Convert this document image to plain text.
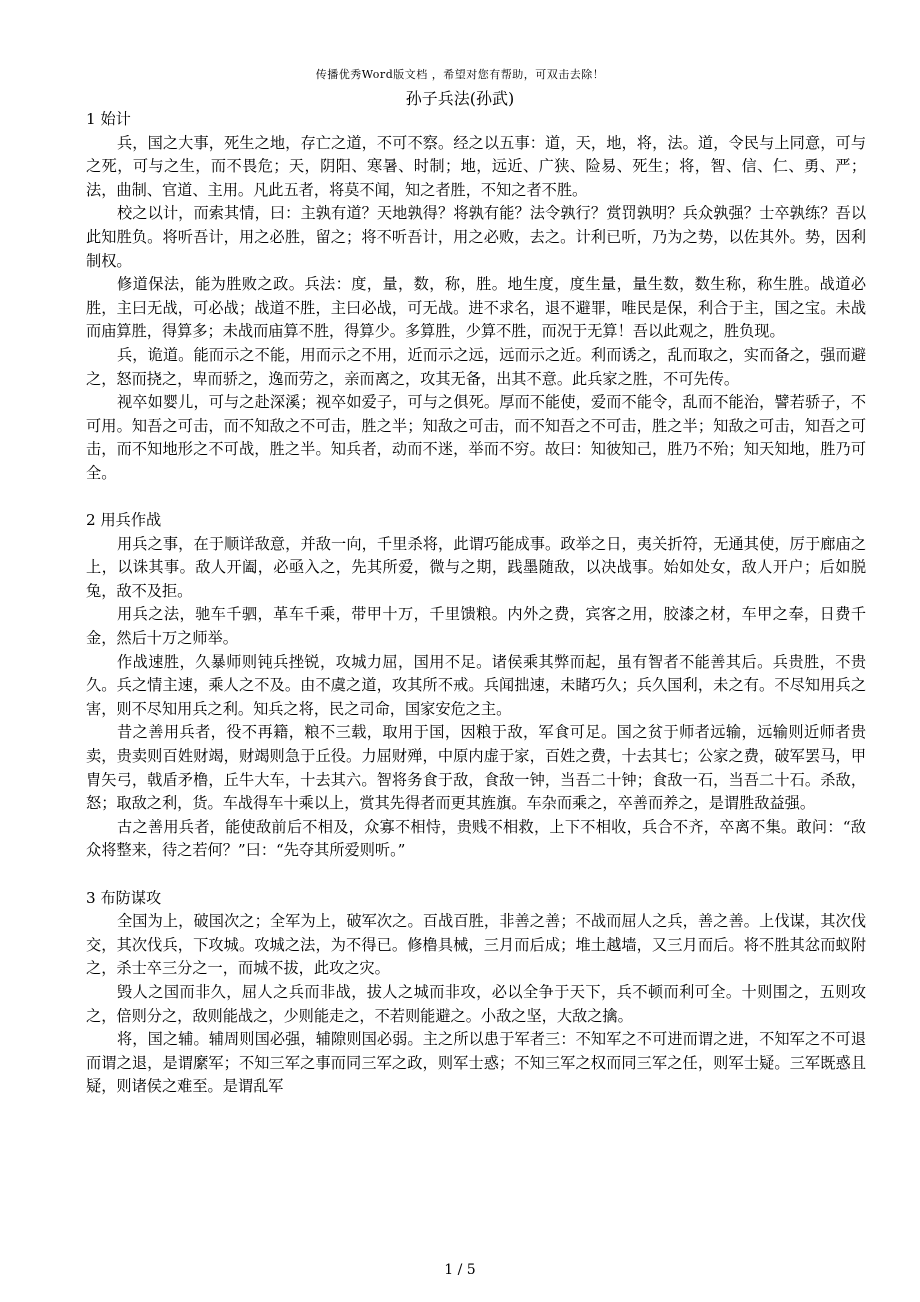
传播优秀Word版文档 ，希望对您有帮助，可双击去除！
孙子兵法(孙武)

1 始计

兵，国之大事，死生之地，存亡之道，不可不察。经之以五事：道，天，地，将，法。道，令民与上同意，可与之死，可与之生，而不畏危；天，阴阳、寒暑、时制；地，远近、广狭、险易、死生；将，智、信、仁、勇、严；法，曲制、官道、主用。凡此五者，将莫不闻，知之者胜，不知之者不胜。

校之以计，而索其情，曰：主孰有道？天地孰得？将孰有能？法令孰行？赏罚孰明？兵众孰强？士卒孰练？吾以此知胜负。将听吾计，用之必胜，留之；将不听吾计，用之必败，去之。计利已听，乃为之势，以佐其外。势，因利制权。

修道保法，能为胜败之政。兵法：度，量，数，称，胜。地生度，度生量，量生数，数生称，称生胜。战道必胜，主曰无战，可必战；战道不胜，主曰必战，可无战。进不求名，退不避罪，唯民是保，利合于主，国之宝。未战而庙算胜，得算多；未战而庙算不胜，得算少。多算胜，少算不胜，而况于无算！吾以此观之，胜负现。

兵，诡道。能而示之不能，用而示之不用，近而示之远，远而示之近。利而诱之，乱而取之，实而备之，强而避之，怒而挠之，卑而骄之，逸而劳之，亲而离之，攻其无备，出其不意。此兵家之胜，不可先传。

视卒如婴儿，可与之赴深溪；视卒如爱子，可与之俱死。厚而不能使，爱而不能令，乱而不能治，譬若骄子，不可用。知吾之可击，而不知敌之不可击，胜之半；知敌之可击，而不知吾之不可击，胜之半；知敌之可击，知吾之可击，而不知地形之不可战，胜之半。知兵者，动而不迷，举而不穷。故曰：知彼知己，胜乃不殆；知天知地，胜乃可全。

2 用兵作战

用兵之事，在于顺详敌意，并敌一向，千里杀将，此谓巧能成事。政举之日，夷关折符，无通其使，厉于廊庙之上，以诛其事。敌人开阖，必亟入之，先其所爱，微与之期，践墨随敌，以决战事。始如处女，敌人开户；后如脱兔，敌不及拒。

用兵之法，驰车千驷，革车千乘，带甲十万，千里馈粮。内外之费，宾客之用，胶漆之材，车甲之奉，日费千金，然后十万之师举。

作战速胜，久暴师则钝兵挫锐，攻城力屈，国用不足。诸侯乘其弊而起，虽有智者不能善其后。兵贵胜，不贵久。兵之情主速，乘人之不及。由不虞之道，攻其所不戒。兵闻拙速，未睹巧久；兵久国利，未之有。不尽知用兵之害，则不尽知用兵之利。知兵之将，民之司命，国家安危之主。

昔之善用兵者，役不再籍，粮不三载，取用于国，因粮于敌，军食可足。国之贫于师者远输，远输则近师者贵卖，贵卖则百姓财竭，财竭则急于丘役。力屈财殚，中原内虚于家，百姓之费，十去其七；公家之费，破军罢马，甲胄矢弓，戟盾矛橹，丘牛大车，十去其六。智将务食于敌，食敌一钟，当吾二十钟；食敌一石，当吾二十石。杀敌，怒；取敌之利，货。车战得车十乘以上，赏其先得者而更其旌旗。车杂而乘之，卒善而养之，是谓胜敌益强。

古之善用兵者，能使敌前后不相及，众寡不相恃，贵贱不相救，上下不相收，兵合不齐，卒离不集。敢问：“敌众将整来，待之若何？”曰：“先夺其所爱则听。”

3 布防谋攻

全国为上，破国次之；全军为上，破军次之。百战百胜，非善之善；不战而屈人之兵，善之善。上伐谋，其次伐交，其次伐兵，下攻城。攻城之法，为不得已。修橹具械，三月而后成；堆土越墙，又三月而后。将不胜其忿而蚁附之，杀士卒三分之一，而城不拔，此攻之灾。

毁人之国而非久，屈人之兵而非战，拔人之城而非攻，必以全争于天下，兵不顿而利可全。十则围之，五则攻之，倍则分之，敌则能战之，少则能走之，不若则能避之。小敌之坚，大敌之擒。

将，国之辅。辅周则国必强，辅隙则国必弱。主之所以患于军者三：不知军之不可进而谓之进，不知军之不可退而谓之退，是谓縻军；不知三军之事而同三军之政，则军士惑；不知三军之权而同三军之任，则军士疑。三军既惑且疑，则诸侯之难至。是谓乱军

1 / 5
